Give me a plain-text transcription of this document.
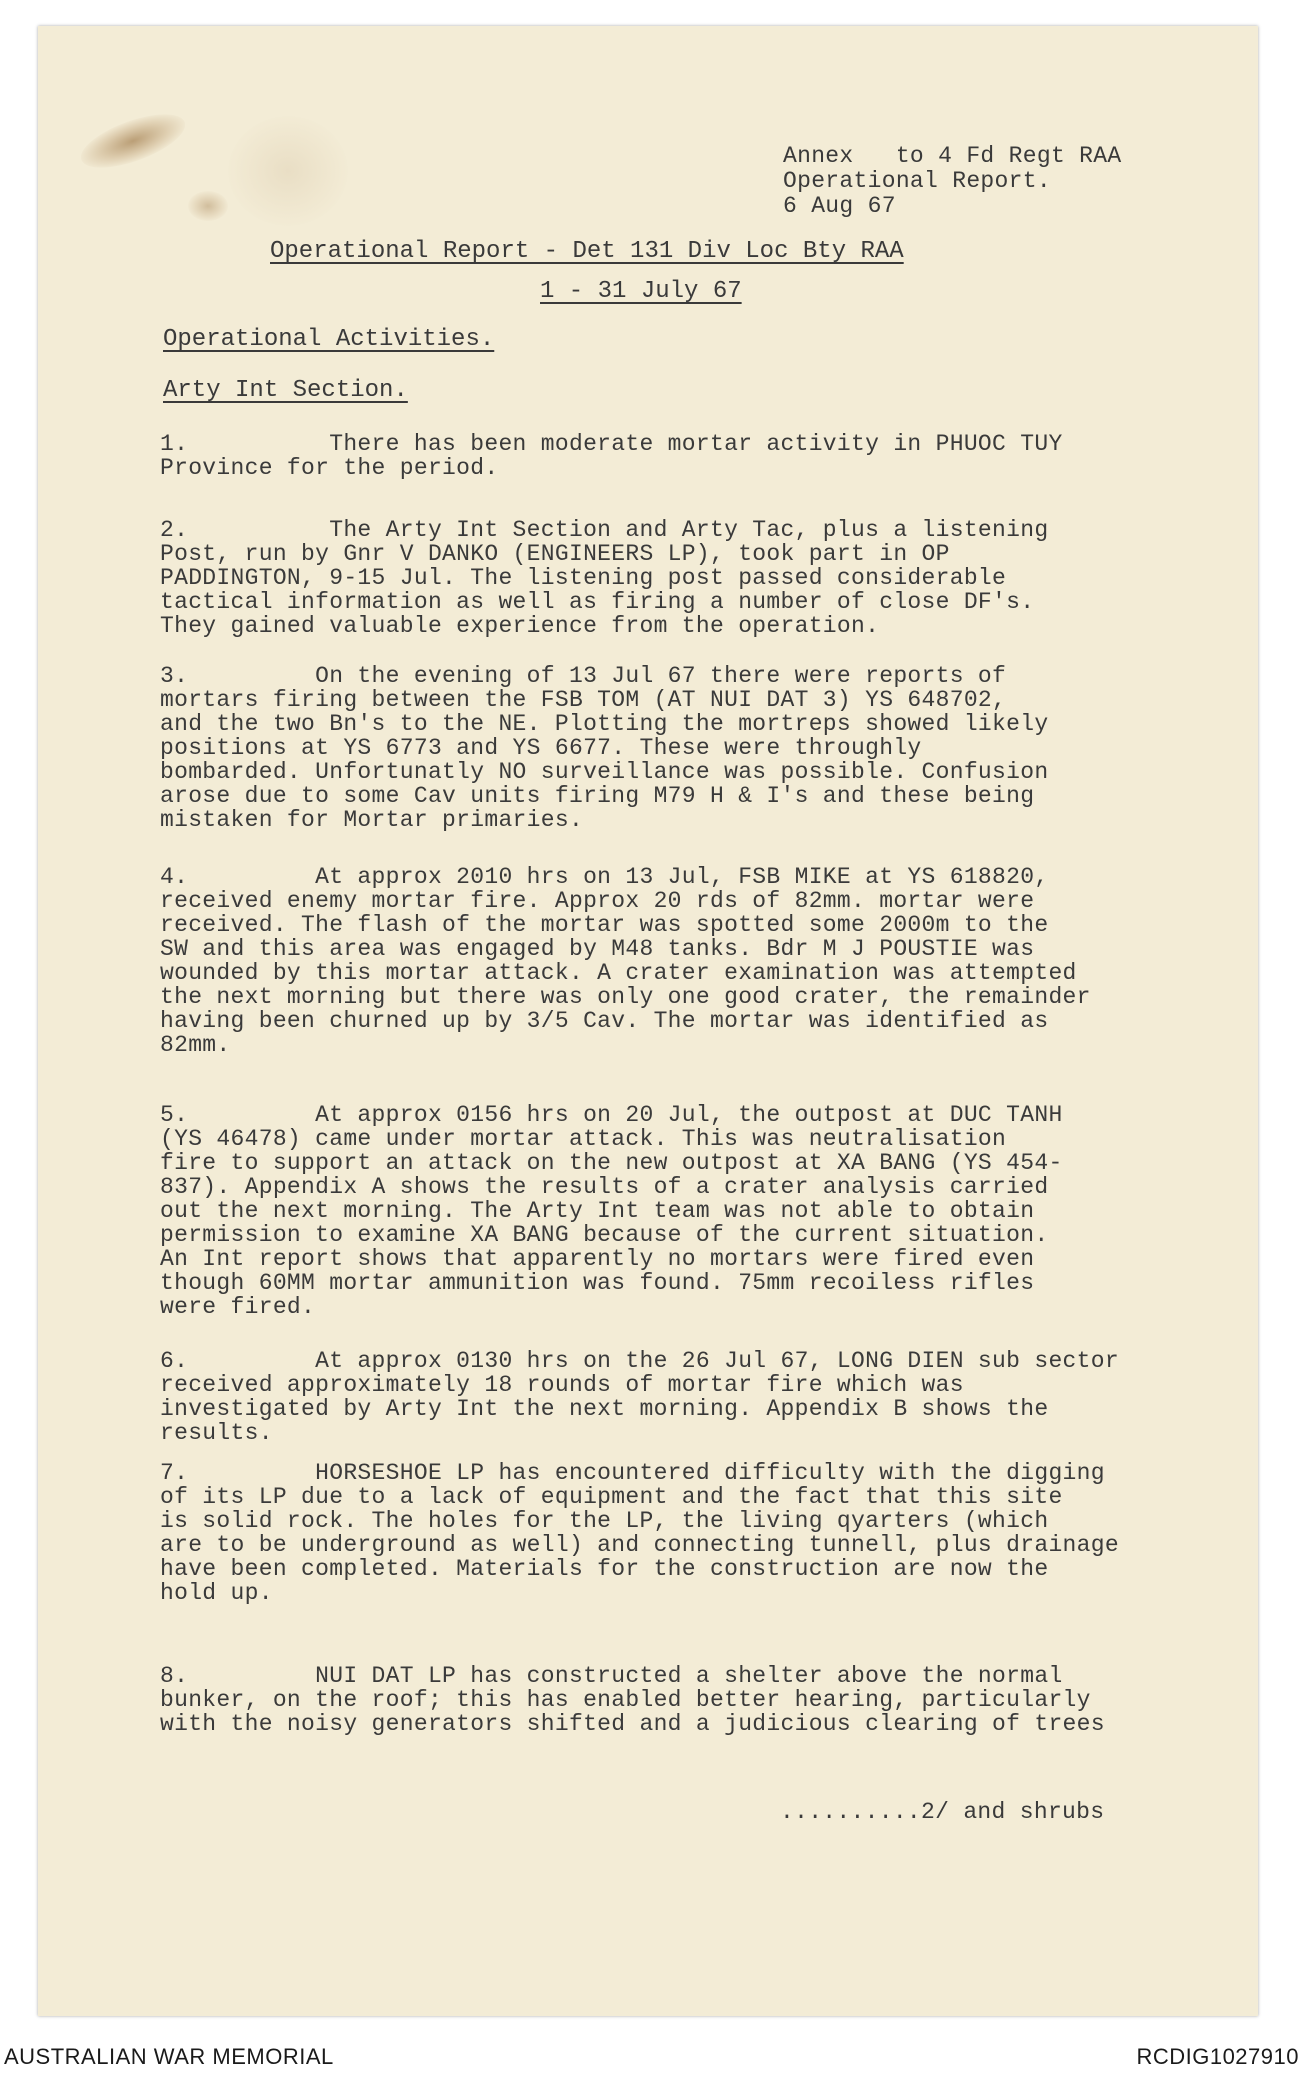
Annex   to 4 Fd Regt RAA
Operational Report.
6 Aug 67
Operational Report - Det 131 Div Loc Bty RAA
1 - 31 July 67
Operational Activities.
Arty Int Section.
1.          There has been moderate mortar activity in PHUOC TUY
Province for the period.
2.          The Arty Int Section and Arty Tac, plus a listening
Post, run by Gnr V DANKO (ENGINEERS LP), took part in OP
PADDINGTON, 9-15 Jul. The listening post passed considerable
tactical information as well as firing a number of close DF's.
They gained valuable experience from the operation.
3.         On the evening of 13 Jul 67 there were reports of
mortars firing between the FSB TOM (AT NUI DAT 3) YS 648702,
and the two Bn's to the NE. Plotting the mortreps showed likely
positions at YS 6773 and YS 6677. These were throughly
bombarded. Unfortunatly NO surveillance was possible. Confusion
arose due to some Cav units firing M79 H & I's and these being
mistaken for Mortar primaries.
4.         At approx 2010 hrs on 13 Jul, FSB MIKE at YS 618820,
received enemy mortar fire. Approx 20 rds of 82mm. mortar were
received. The flash of the mortar was spotted some 2000m to the
SW and this area was engaged by M48 tanks. Bdr M J POUSTIE was
wounded by this mortar attack. A crater examination was attempted
the next morning but there was only one good crater, the remainder
having been churned up by 3/5 Cav. The mortar was identified as
82mm.
5.         At approx 0156 hrs on 20 Jul, the outpost at DUC TANH
(YS 46478) came under mortar attack. This was neutralisation
fire to support an attack on the new outpost at XA BANG (YS 454-
837). Appendix A shows the results of a crater analysis carried
out the next morning. The Arty Int team was not able to obtain
permission to examine XA BANG because of the current situation.
An Int report shows that apparently no mortars were fired even
though 60MM mortar ammunition was found. 75mm recoiless rifles
were fired.
6.         At approx 0130 hrs on the 26 Jul 67, LONG DIEN sub sector
received approximately 18 rounds of mortar fire which was
investigated by Arty Int the next morning. Appendix B shows the
results.
7.         HORSESHOE LP has encountered difficulty with the digging
of its LP due to a lack of equipment and the fact that this site
is solid rock. The holes for the LP, the living qyarters (which
are to be underground as well) and connecting tunnell, plus drainage
have been completed. Materials for the construction are now the
hold up.
8.         NUI DAT LP has constructed a shelter above the normal
bunker, on the roof; this has enabled better hearing, particularly
with the noisy generators shifted and a judicious clearing of trees
..........2/ and shrubs
AUSTRALIAN WAR MEMORIAL	RCDIG1027910
